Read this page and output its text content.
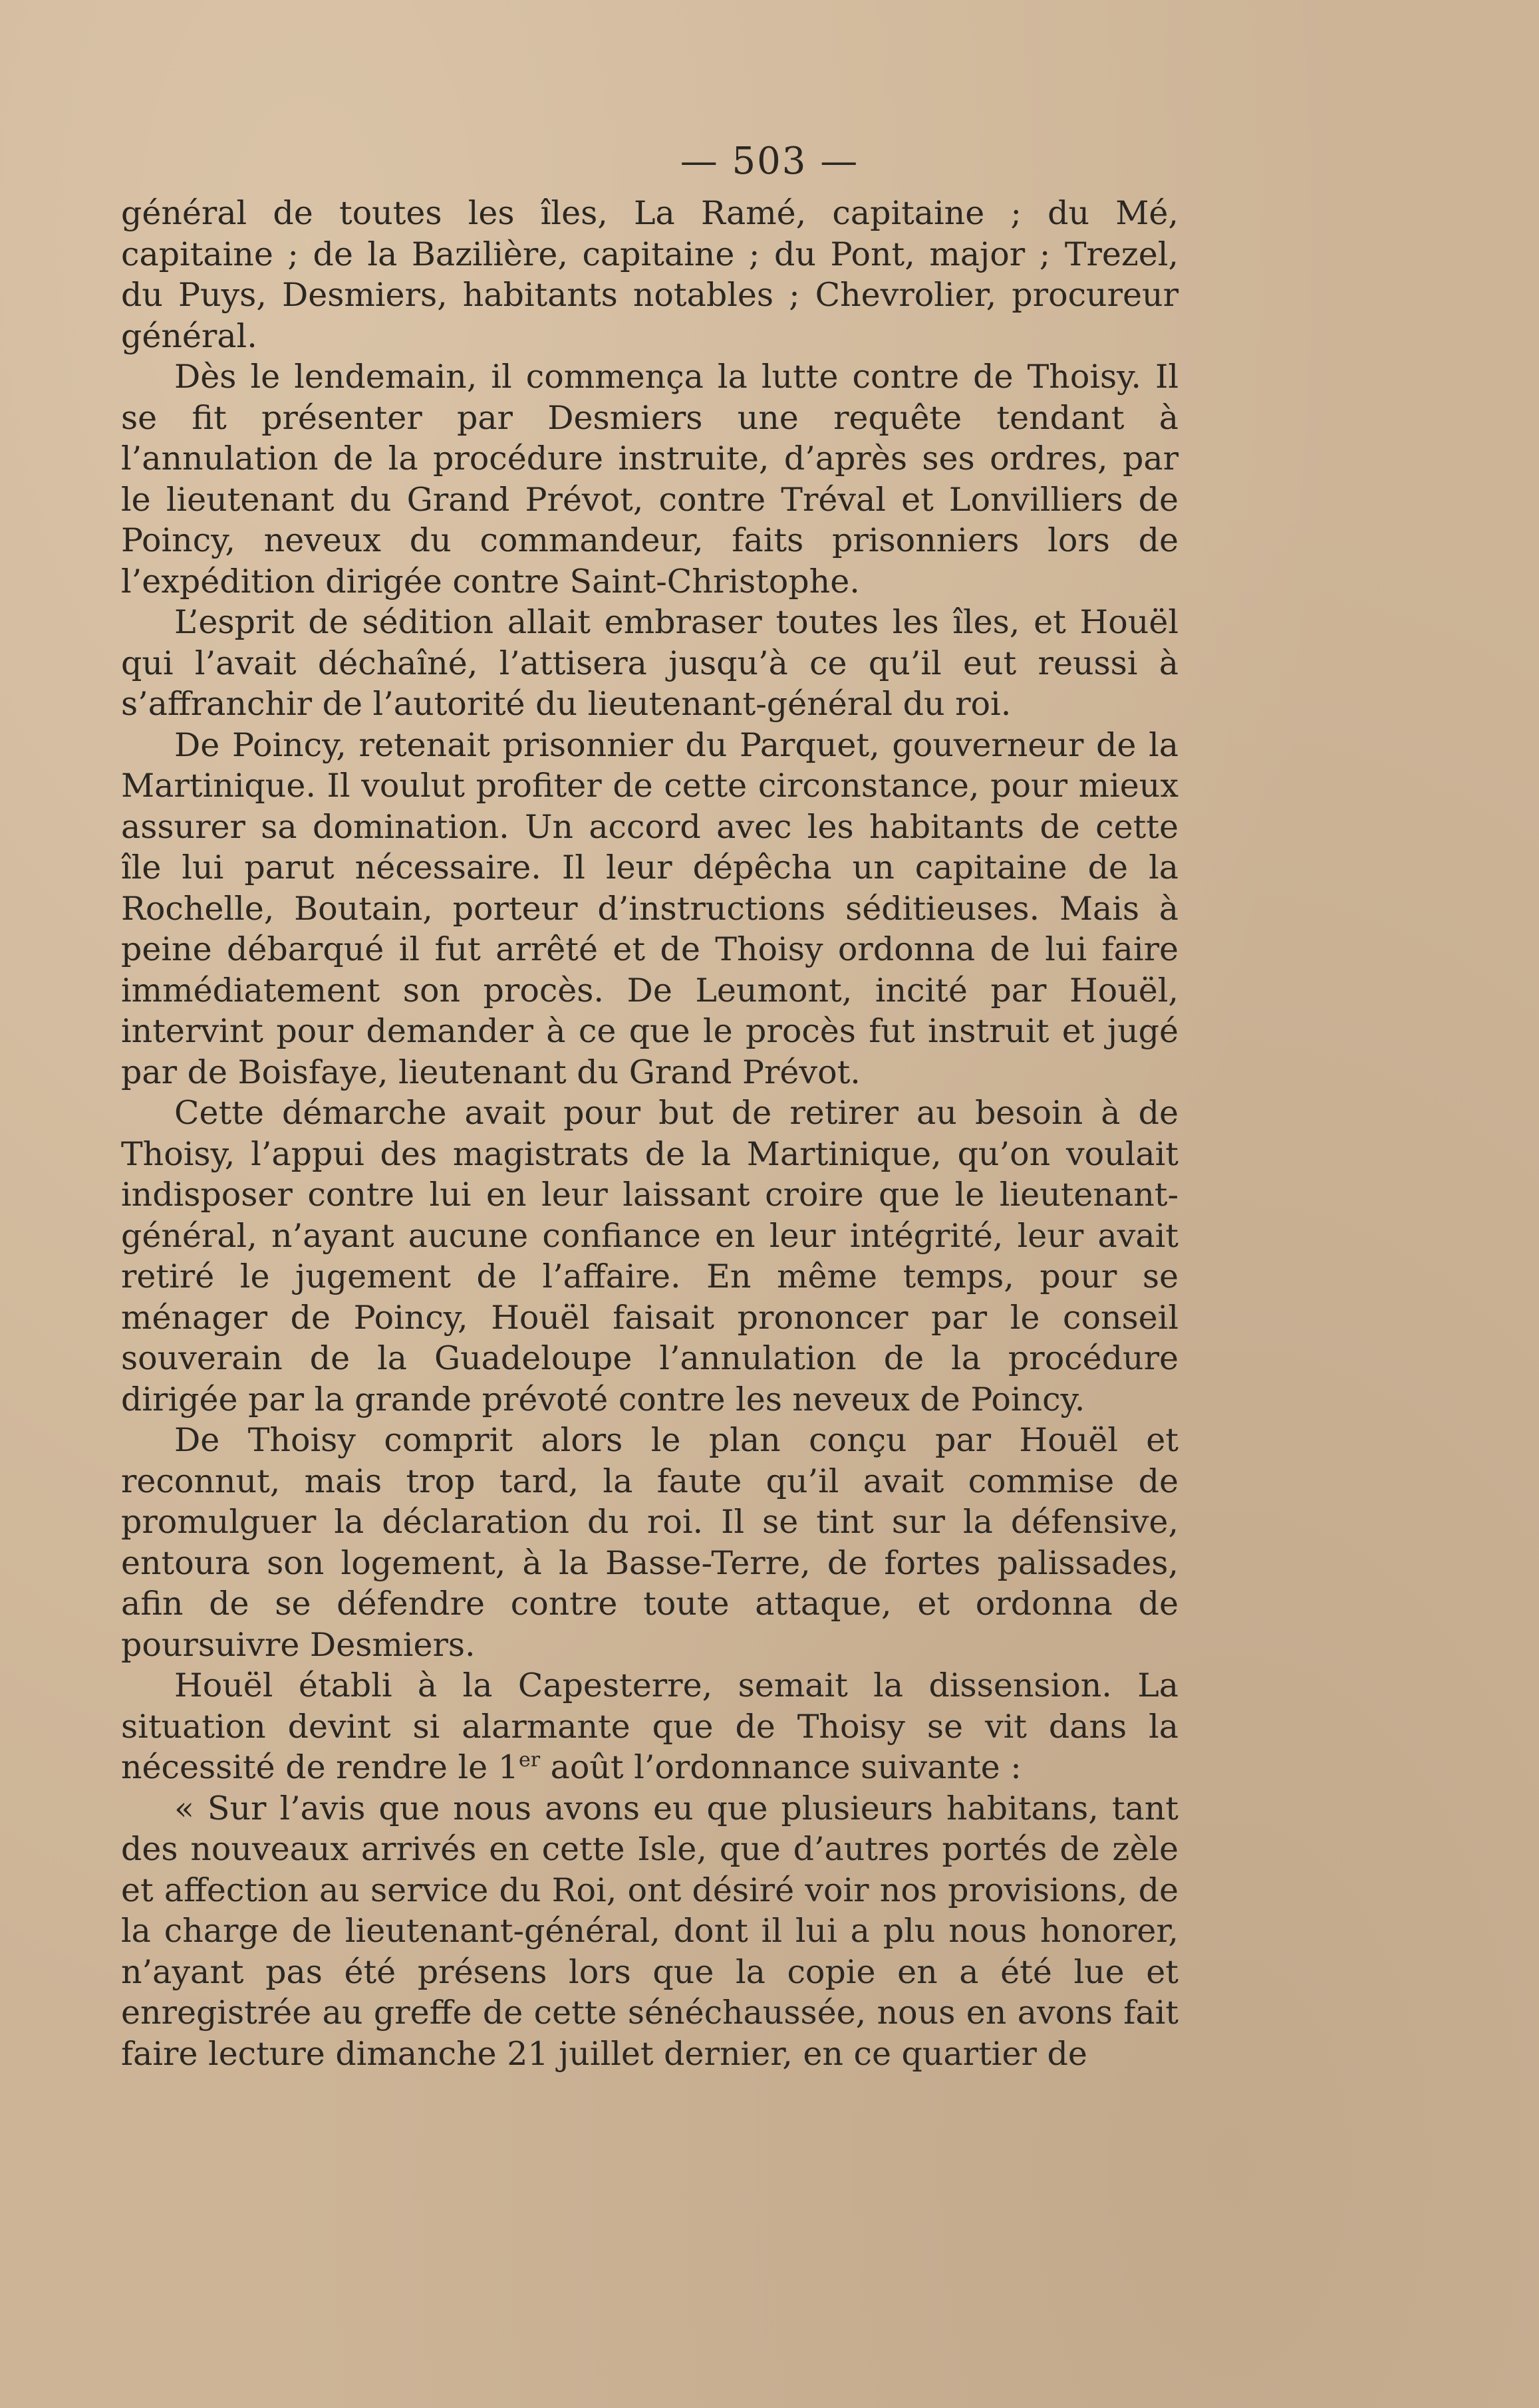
— 503 —

général de toutes les îles, La Ramé, capitaine ; du Mé, capitaine ; de la Bazilière, capitaine ; du Pont, major ; Trezel, du Puys, Desmiers, habitants notables ; Chevrolier, procureur général.

Dès le lendemain, il commença la lutte contre de Thoisy. Il se fit présenter par Desmiers une requête tendant à l’annulation de la procédure instruite, d’après ses ordres, par le lieutenant du Grand Prévot, contre Tréval et Lonvilliers de Poincy, neveux du commandeur, faits prisonniers lors de l’expédition dirigée contre Saint-Christophe.

L’esprit de sédition allait embraser toutes les îles, et Houël qui l’avait déchaîné, l’attisera jusqu’à ce qu’il eut reussi à s’affranchir de l’autorité du lieutenant-général du roi.

De Poincy, retenait prisonnier du Parquet, gouverneur de la Martinique. Il voulut profiter de cette circonstance, pour mieux assurer sa domination. Un accord avec les habitants de cette île lui parut nécessaire. Il leur dépêcha un capitaine de la Rochelle, Boutain, porteur d’instructions séditieuses. Mais à peine débarqué il fut arrêté et de Thoisy ordonna de lui faire immédiatement son procès. De Leumont, incité par Houël, intervint pour demander à ce que le procès fut instruit et jugé par de Boisfaye, lieutenant du Grand Prévot.

Cette démarche avait pour but de retirer au besoin à de Thoisy, l’appui des magistrats de la Martinique, qu’on voulait indisposer contre lui en leur laissant croire que le lieutenant-général, n’ayant aucune confiance en leur intégrité, leur avait retiré le jugement de l’affaire. En même temps, pour se ménager de Poincy, Houël faisait prononcer par le conseil souverain de la Guadeloupe l’annulation de la procédure dirigée par la grande prévoté contre les neveux de Poincy.

De Thoisy comprit alors le plan conçu par Houël et reconnut, mais trop tard, la faute qu’il avait commise de promulguer la déclaration du roi. Il se tint sur la défensive, entoura son logement, à la Basse-Terre, de fortes palissades, afin de se défendre contre toute attaque, et ordonna de poursuivre Desmiers.

Houël établi à la Capesterre, semait la dissension. La situation devint si alarmante que de Thoisy se vit dans la nécessité de rendre le 1er août l’ordonnance suivante :

« Sur l’avis que nous avons eu que plusieurs habitans, tant des nouveaux arrivés en cette Isle, que d’autres portés de zèle et affection au service du Roi, ont désiré voir nos provisions, de la charge de lieutenant-général, dont il lui a plu nous honorer, n’ayant pas été présens lors que la copie en a été lue et enregistrée au greffe de cette sénéchaussée, nous en avons fait faire lecture dimanche 21 juillet dernier, en ce quartier de
